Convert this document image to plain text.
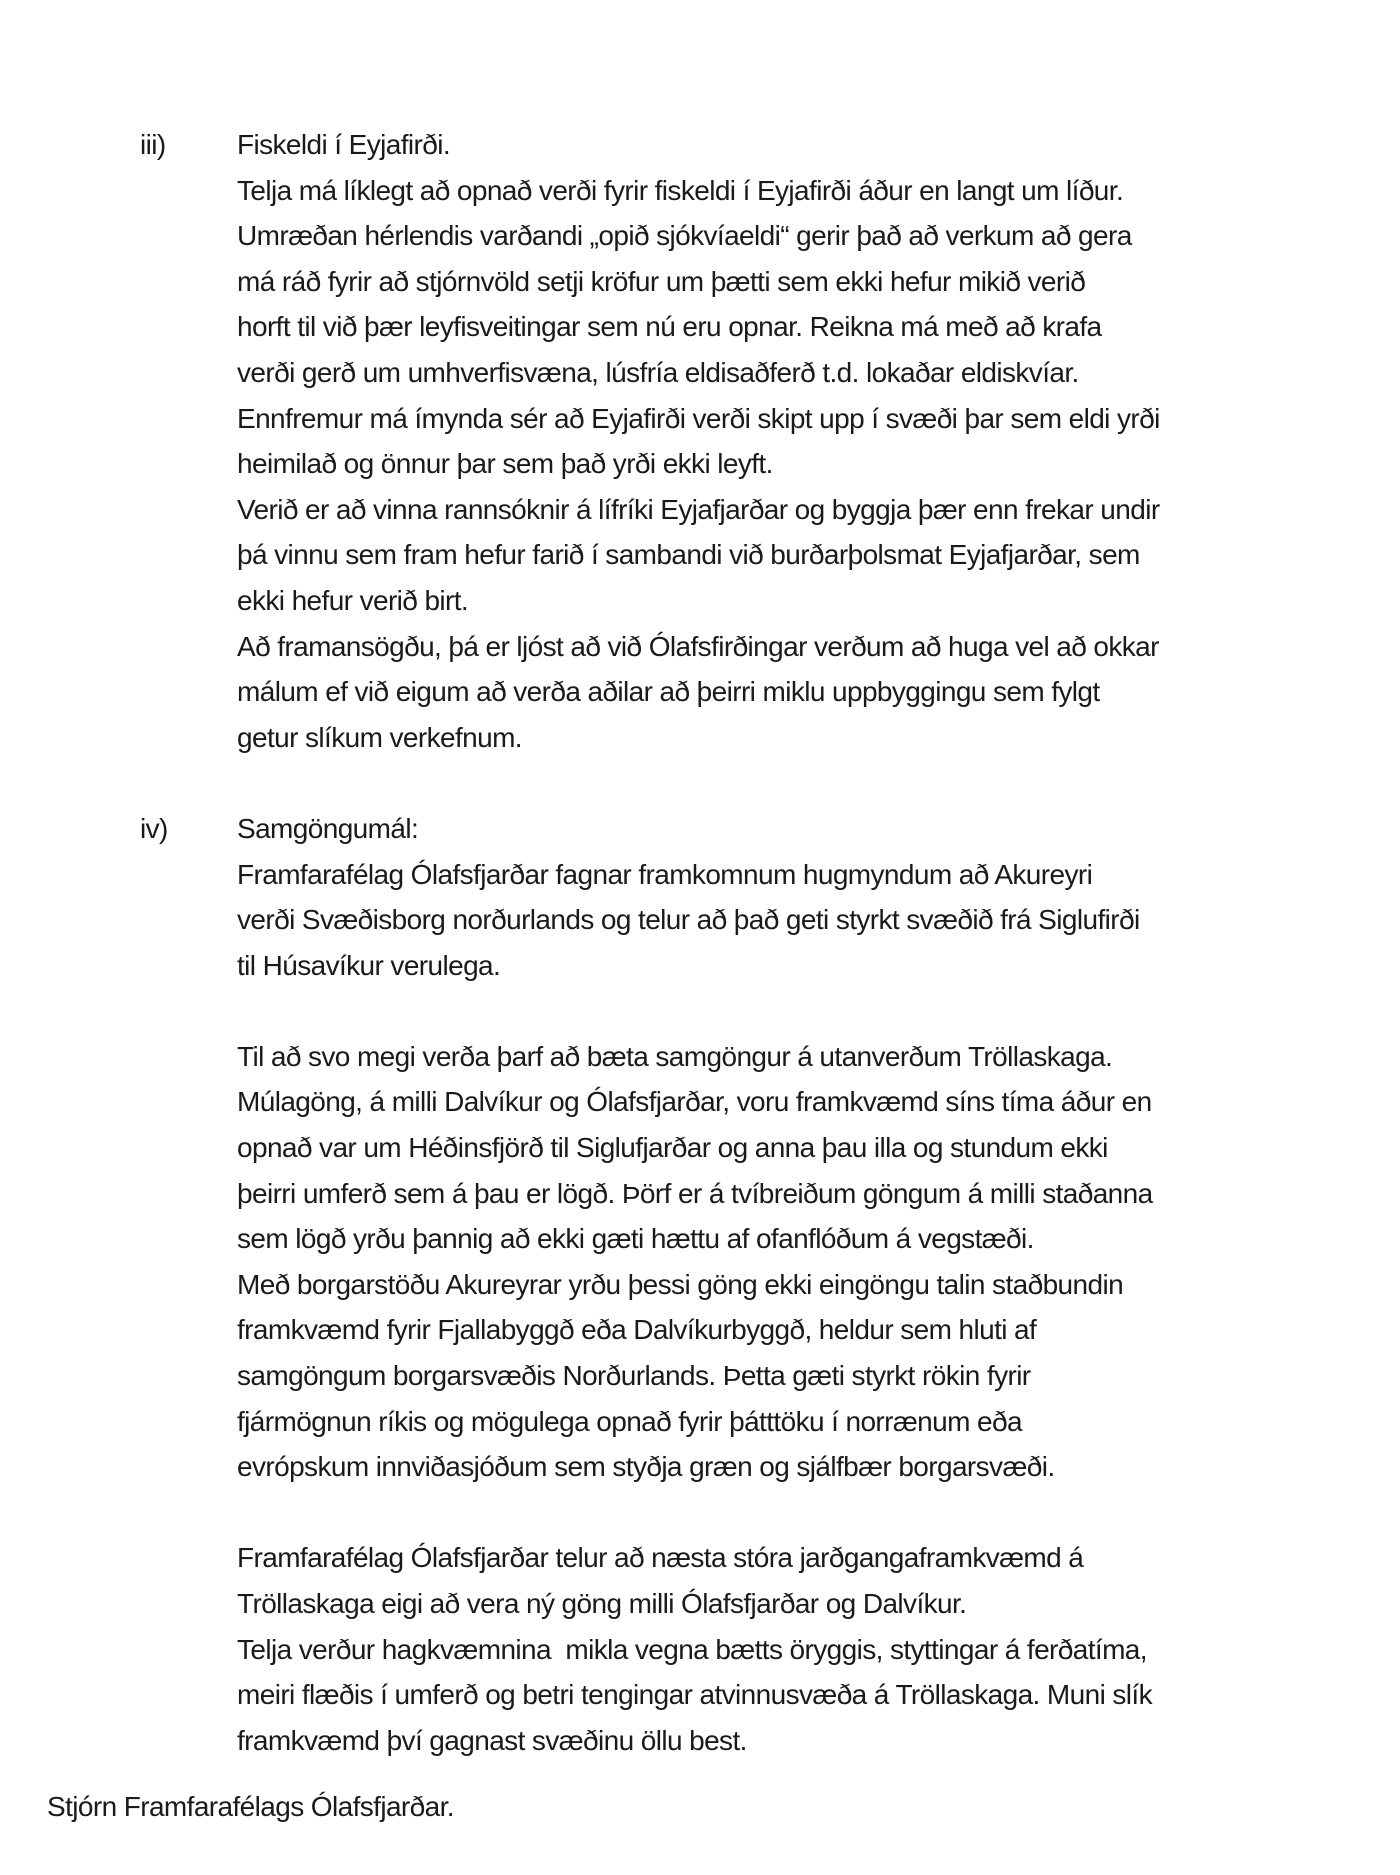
iii)	Fiskeldi í Eyjafirði.
Telja má líklegt að opnað verði fyrir fiskeldi í Eyjafirði áður en langt um líður.
Umræðan hérlendis varðandi „opið sjókvíaeldi“ gerir það að verkum að gera
má ráð fyrir að stjórnvöld setji kröfur um þætti sem ekki hefur mikið verið
horft til við þær leyfisveitingar sem nú eru opnar. Reikna má með að krafa
verði gerð um umhverfisvæna, lúsfría eldisaðferð t.d. lokaðar eldiskvíar.
Ennfremur má ímynda sér að Eyjafirði verði skipt upp í svæði þar sem eldi yrði
heimilað og önnur þar sem það yrði ekki leyft.
Verið er að vinna rannsóknir á lífríki Eyjafjarðar og byggja þær enn frekar undir
þá vinnu sem fram hefur farið í sambandi við burðarþolsmat Eyjafjarðar, sem
ekki hefur verið birt.
Að framansögðu, þá er ljóst að við Ólafsfirðingar verðum að huga vel að okkar
málum ef við eigum að verða aðilar að þeirri miklu uppbyggingu sem fylgt
getur slíkum verkefnum.
iv)	Samgöngumál:
Framfarafélag Ólafsfjarðar fagnar framkomnum hugmyndum að Akureyri
verði Svæðisborg norðurlands og telur að það geti styrkt svæðið frá Siglufirði
til Húsavíkur verulega.

Til að svo megi verða þarf að bæta samgöngur á utanverðum Tröllaskaga.
Múlagöng, á milli Dalvíkur og Ólafsfjarðar, voru framkvæmd síns tíma áður en
opnað var um Héðinsfjörð til Siglufjarðar og anna þau illa og stundum ekki
þeirri umferð sem á þau er lögð. Þörf er á tvíbreiðum göngum á milli staðanna
sem lögð yrðu þannig að ekki gæti hættu af ofanflóðum á vegstæði.
Með borgarstöðu Akureyrar yrðu þessi göng ekki eingöngu talin staðbundin
framkvæmd fyrir Fjallabyggð eða Dalvíkurbyggð, heldur sem hluti af
samgöngum borgarsvæðis Norðurlands. Þetta gæti styrkt rökin fyrir
fjármögnun ríkis og mögulega opnað fyrir þátttöku í norrænum eða
evrópskum innviðasjóðum sem styðja græn og sjálfbær borgarsvæði.

Framfarafélag Ólafsfjarðar telur að næsta stóra jarðgangaframkvæmd á
Tröllaskaga eigi að vera ný göng milli Ólafsfjarðar og Dalvíkur.
Telja verður hagkvæmnina  mikla vegna bætts öryggis, styttingar á ferðatíma,
meiri flæðis í umferð og betri tengingar atvinnusvæða á Tröllaskaga. Muni slík
framkvæmd því gagnast svæðinu öllu best.
Stjórn Framfarafélags Ólafsfjarðar.
